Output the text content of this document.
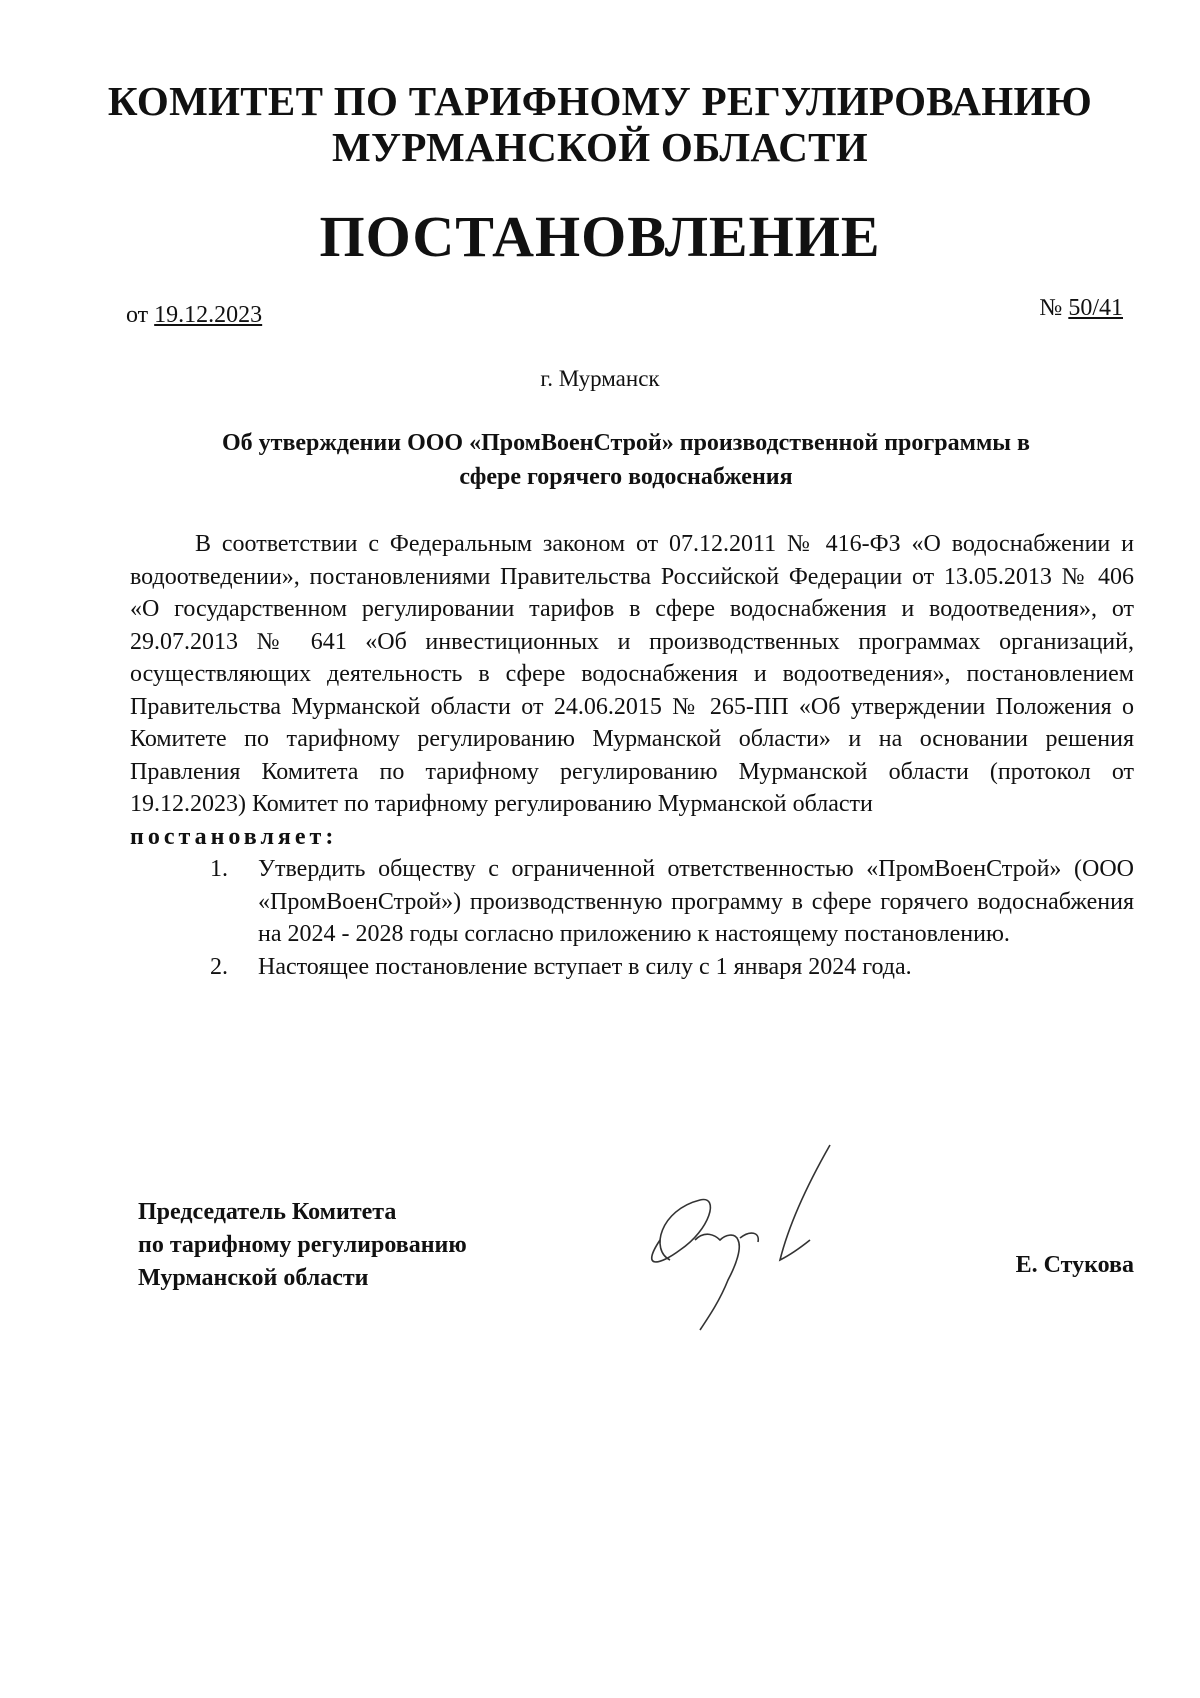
КОМИТЕТ ПО ТАРИФНОМУ РЕГУЛИРОВАНИЮ
МУРМАНСКОЙ ОБЛАСТИ
ПОСТАНОВЛЕНИЕ
от 19.12.2023	№ 50/41
г. Мурманск
Об утверждении ООО «ПромВоенСтрой» производственной программы в
сфере горячего водоснабжения

В соответствии с Федеральным законом от 07.12.2011 № 416-ФЗ «О водоснабжении и водоотведении», постановлениями Правительства Российской Федерации от 13.05.2013 № 406 «О государственном регулировании тарифов в сфере водоснабжения и водоотведения», от 29.07.2013 № 641 «Об инвестиционных и производственных программах организаций, осуществляющих деятельность в сфере водоснабжения и водоотведения», постановлением Правительства Мурманской области от 24.06.2015 № 265-ПП «Об утверждении Положения о Комитете по тарифному регулированию Мурманской области» и на основании решения Правления Комитета по тарифному регулированию Мурманской области (протокол от 19.12.2023) Комитет по тарифному регулированию Мурманской области

постановляет:
1.	Утвердить обществу с ограниченной ответственностью «ПромВоенСтрой» (ООО «ПромВоенСтрой») производственную программу в сфере горячего водоснабжения на 2024 - 2028 годы согласно приложению к настоящему постановлению.
2.	Настоящее постановление вступает в силу с 1 января 2024 года.
Председатель Комитета
по тарифному регулированию
Мурманской области	Е. Стукова
